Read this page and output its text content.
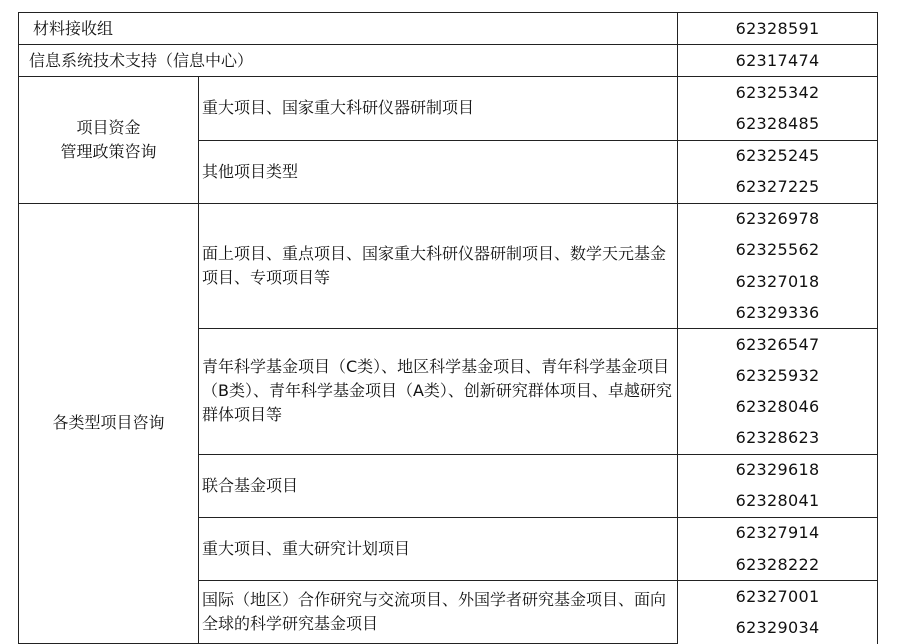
材料接收组		62328591
信息系统技术支持（信息中心）		62317474
项目资金
管理政策咨询	重大项目、国家重大科研仪器研制项目	62325342
		62328485
	其他项目类型	62325245
		62327225
各类型项目咨询	面上项目、重点项目、国家重大科研仪器研制项目、数学天元基金项目、专项项目等	62326978
		62325562
		62327018
		62329336
	青年科学基金项目（C类）、地区科学基金项目、青年科学基金项目（B类）、青年科学基金项目（A类）、创新研究群体项目、卓越研究群体项目等	62326547
		62325932
		62328046
		62328623
	联合基金项目	62329618
		62328041
	重大项目、重大研究计划项目	62327914
		62328222
	国际（地区）合作研究与交流项目、外国学者研究基金项目、面向全球的科学研究基金项目	62327001
		62329034
